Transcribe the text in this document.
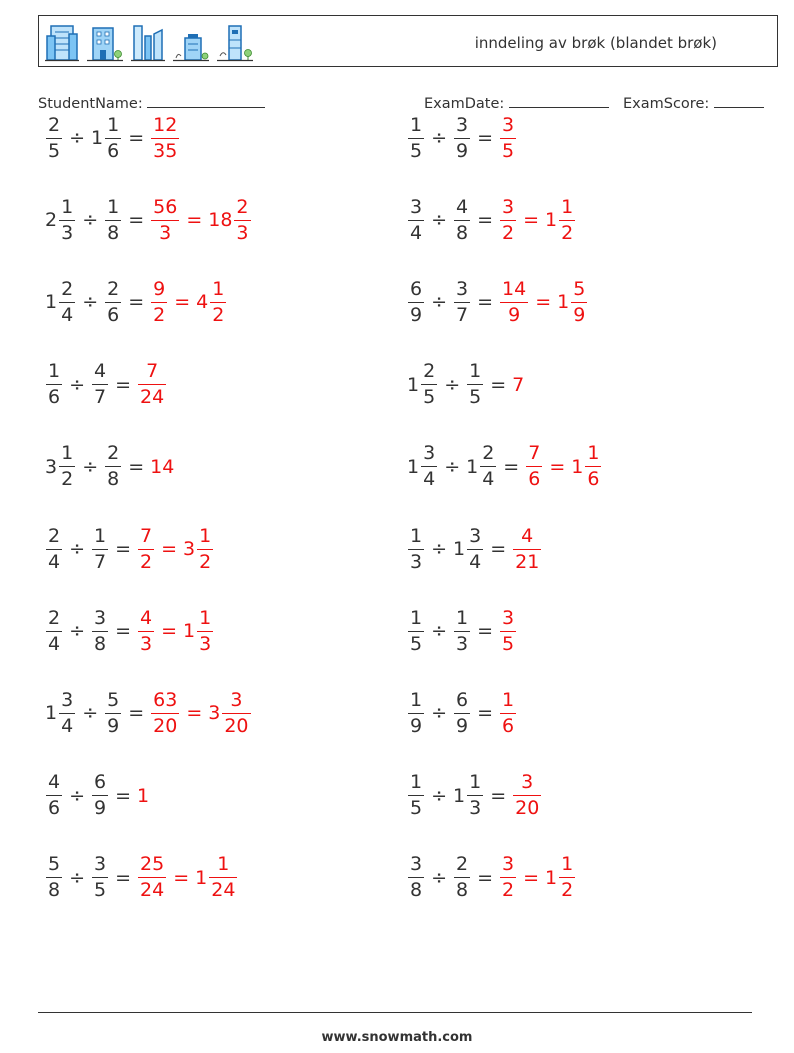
inndeling av brøk (blandet brøk)
StudentName:	ExamDate:	ExamScore:
$\frac{2}{5} \div 1 \frac{1}{6} = \frac{12}{35}$	$\frac{1}{5} \div \frac{3}{9} = \frac{3}{5}$
$2 \frac{1}{3} \div \frac{1}{8} = \frac{56}{3} = 18 \frac{2}{3}$	$\frac{3}{4} \div \frac{4}{8} = \frac{3}{2} = 1 \frac{1}{2}$
$1 \frac{2}{4} \div \frac{2}{6} = \frac{9}{2} = 4 \frac{1}{2}$	$\frac{6}{9} \div \frac{3}{7} = \frac{14}{9} = 1 \frac{5}{9}$
$\frac{1}{6} \div \frac{4}{7} = \frac{7}{24}$	$1 \frac{2}{5} \div \frac{1}{5} = 7$
$3 \frac{1}{2} \div \frac{2}{8} = 14$	$1 \frac{3}{4} \div 1 \frac{2}{4} = \frac{7}{6} = 1 \frac{1}{6}$
$\frac{2}{4} \div \frac{1}{7} = \frac{7}{2} = 3 \frac{1}{2}$	$\frac{1}{3} \div 1 \frac{3}{4} = \frac{4}{21}$
$\frac{2}{4} \div \frac{3}{8} = \frac{4}{3} = 1 \frac{1}{3}$	$\frac{1}{5} \div \frac{1}{3} = \frac{3}{5}$
$1 \frac{3}{4} \div \frac{5}{9} = \frac{63}{20} = 3 \frac{3}{20}$	$\frac{1}{9} \div \frac{6}{9} = \frac{1}{6}$
$\frac{4}{6} \div \frac{6}{9} = 1$	$\frac{1}{5} \div 1 \frac{1}{3} = \frac{3}{20}$
$\frac{5}{8} \div \frac{3}{5} = \frac{25}{24} = 1 \frac{1}{24}$	$\frac{3}{8} \div \frac{2}{8} = \frac{3}{2} = 1 \frac{1}{2}$
www.snowmath.com
